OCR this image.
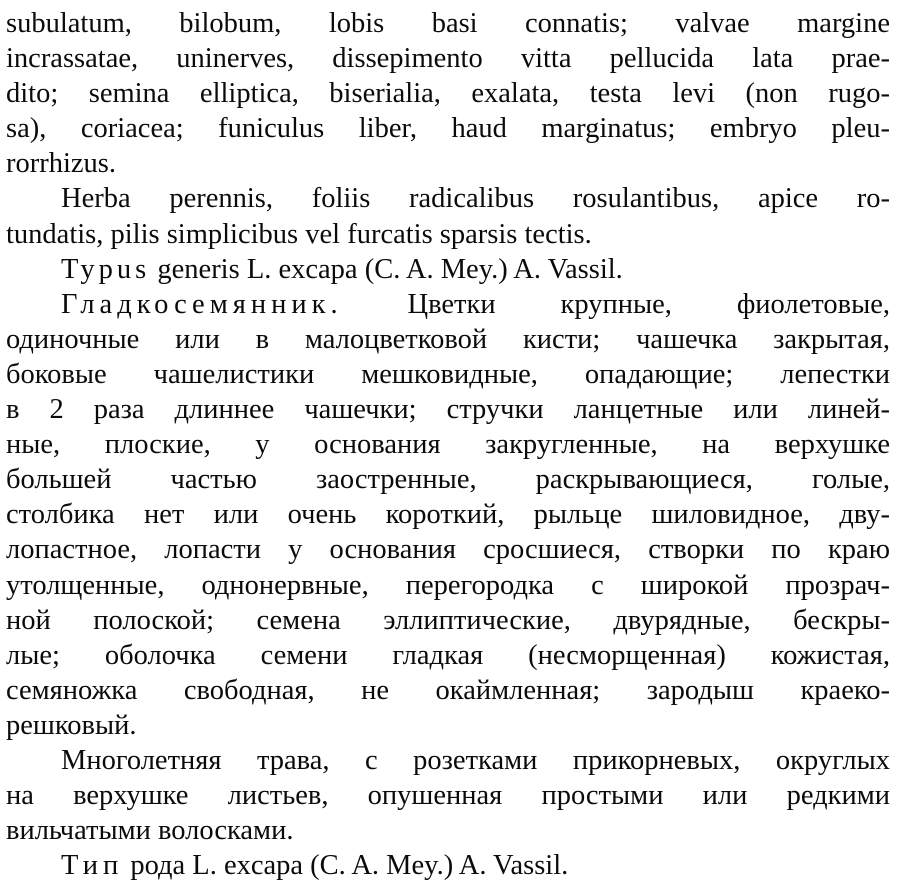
subulatum, bilobum, lobis basi connatis; valvae margine
incrassatae, uninerves, dissepimento vitta pellucida lata prae-
dito; semina elliptica, biserialia, exalata, testa levi (non rugo-
sa), coriacea; funiculus liber, haud marginatus; embryo pleu-
rorrhizus.
Herba perennis, foliis radicalibus rosulantibus, apice ro-
tundatis, pilis simplicibus vel furcatis sparsis tectis.
Typus generis L. excapa (C. A. Mey.) A. Vassil.
Гладкосемянник. Цветки крупные, фиолетовые,
одиночные или в малоцветковой кисти; чашечка закрытая,
боковые чашелистики мешковидные, опадающие; лепестки
в 2 раза длиннее чашечки; стручки ланцетные или линей-
ные, плоские, у основания закругленные, на верхушке
большей частью заостренные, раскрывающиеся, голые,
столбика нет или очень короткий, рыльце шиловидное, дву-
лопастное, лопасти у основания сросшиеся, створки по краю
утолщенные, однонервные, перегородка с широкой прозрач-
ной полоской; семена эллиптические, двурядные, бескры-
лые; оболочка семени гладкая (несморщенная) кожистая,
семяножка свободная, не окаймленная; зародыш краеко-
решковый.
Многолетняя трава, с розетками прикорневых, округлых
на верхушке листьев, опушенная простыми или редкими
вильчатыми волосками.
Тип рода L. excapa (C. A. Mey.) A. Vassil.
